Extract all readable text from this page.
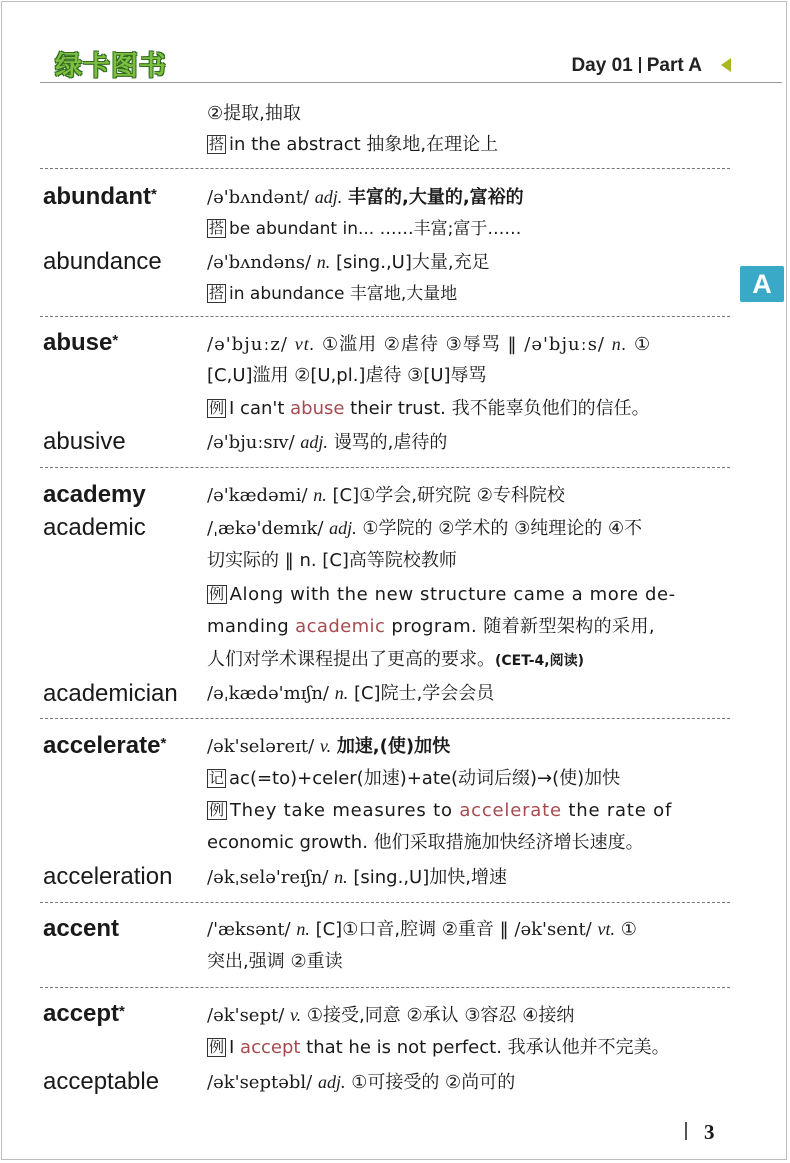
绿卡图书	Day 01 Part A
A
②提取,抽取
搭 in the abstract 抽象地,在理论上
abundant*	/ə'bʌndənt/ adj. 丰富的,大量的,富裕的
搭 be abundant in... ……丰富;富于……
abundance	/ə'bʌndəns/ n. [sing.,U]大量,充足
搭 in abundance 丰富地,大量地
abuse*	/ə'bjuːz/ vt. ①滥用 ②虐待 ③辱骂 ‖ /ə'bjuːs/ n. ①
[C,U]滥用 ②[U,pl.]虐待 ③[U]辱骂
例 I can't abuse their trust. 我不能辜负他们的信任。
abusive	/ə'bjuːsɪv/ adj. 谩骂的,虐待的
academy	/ə'kædəmi/ n. [C]①学会,研究院 ②专科院校
academic	/ˌækə'demɪk/ adj. ①学院的 ②学术的 ③纯理论的 ④不
切实际的 ‖ n. [C]高等院校教师
例 Along with the new structure came a more de-
manding academic program. 随着新型架构的采用,
人们对学术课程提出了更高的要求。(CET-4,阅读)
academician /əˌkædə'mɪʃn/ n. [C]院士,学会会员
accelerate* /ək'seləreɪt/ v. 加速,(使)加快
记 ac(=to)+celer(加速)+ate(动词后缀)→(使)加快
例 They take measures to accelerate the rate of
economic growth. 他们采取措施加快经济增长速度。
acceleration /əkˌselə'reɪʃn/ n. [sing.,U]加快,增速
accent	/'æksənt/ n. [C]①口音,腔调 ②重音 ‖ /ək'sent/ vt. ①
突出,强调 ②重读
accept*	/ək'sept/ v. ①接受,同意 ②承认 ③容忍 ④接纳
例 I accept that he is not perfect. 我承认他并不完美。
acceptable	/ək'septəbl/ adj. ①可接受的 ②尚可的
3
